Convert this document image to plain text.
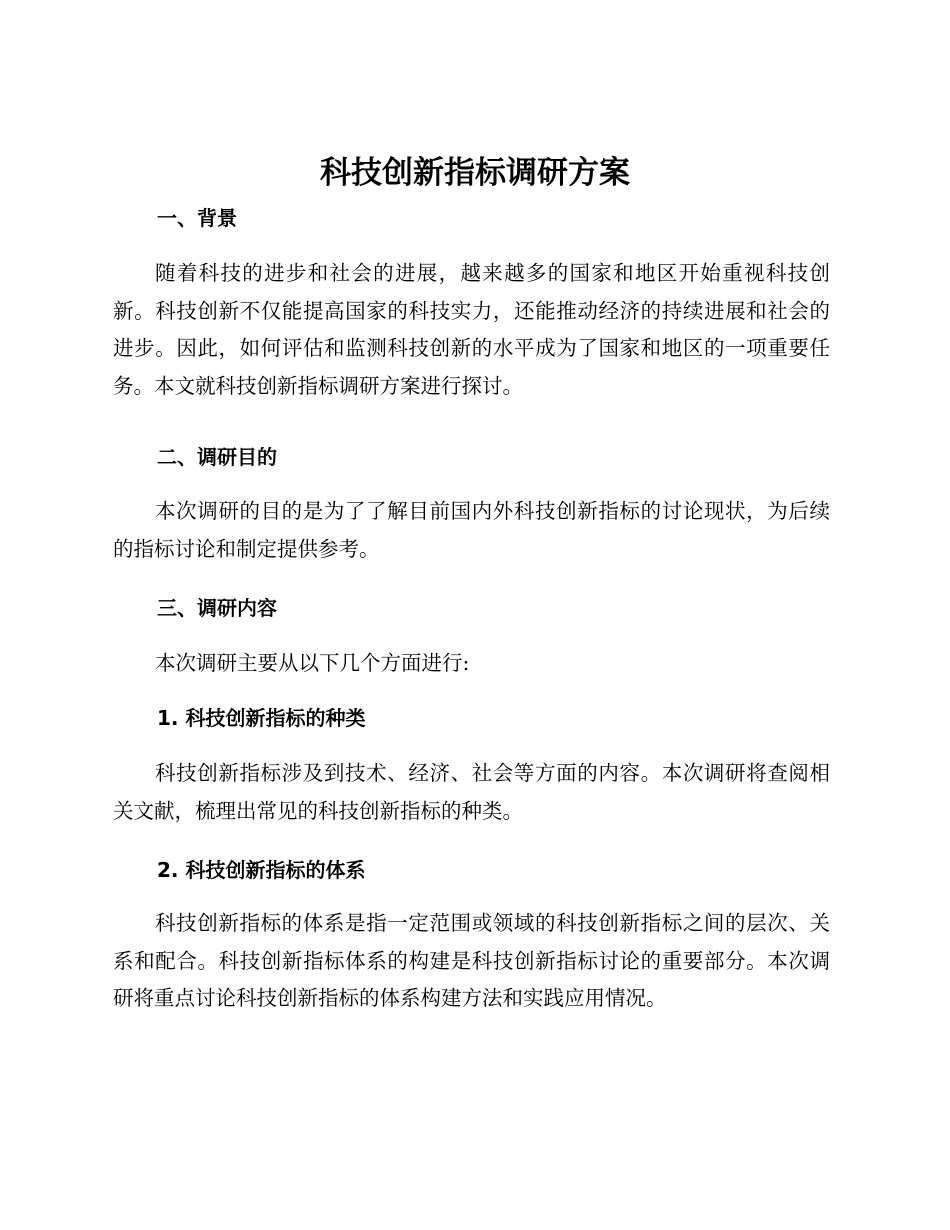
科技创新指标调研方案
一、背景

随着科技的进步和社会的进展，越来越多的国家和地区开始重视科技创新。科技创新不仅能提高国家的科技实力，还能推动经济的持续进展和社会的进步。因此，如何评估和监测科技创新的水平成为了国家和地区的一项重要任务。本文就科技创新指标调研方案进行探讨。

二、调研目的

本次调研的目的是为了了解目前国内外科技创新指标的讨论现状，为后续的指标讨论和制定提供参考。

三、调研内容

本次调研主要从以下几个方面进行:

1. 科技创新指标的种类

科技创新指标涉及到技术、经济、社会等方面的内容。本次调研将查阅相关文献，梳理出常见的科技创新指标的种类。

2. 科技创新指标的体系

科技创新指标的体系是指一定范围或领域的科技创新指标之间的层次、关系和配合。科技创新指标体系的构建是科技创新指标讨论的重要部分。本次调研将重点讨论科技创新指标的体系构建方法和实践应用情况。
